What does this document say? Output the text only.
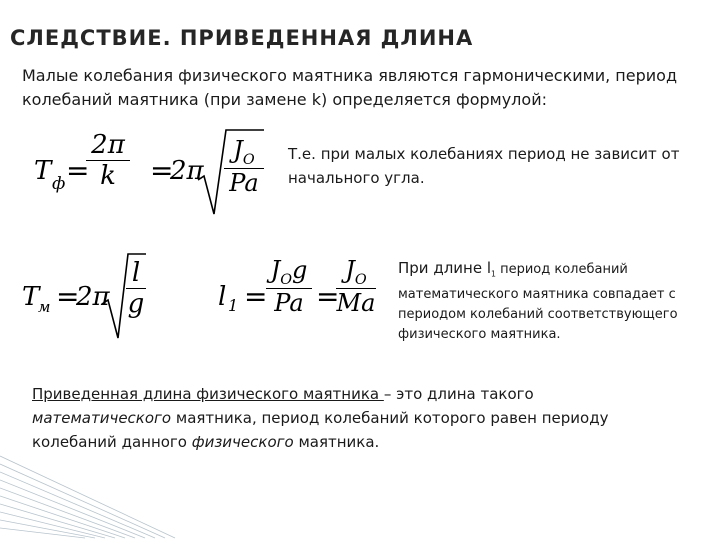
СЛЕДСТВИЕ. ПРИВЕДЕННАЯ ДЛИНА
Малые колебания физического маятника являются гармоническими, период колебаний маятника (при замене k) определяется формулой:
T ф =
2π
k	=
2π
$J_O$
Pa
Т.е. при малых колебаниях период не зависит от начального угла.
T
м =
2π
l
g	l 1 =
$J_Og$
Pa =
$J_O$
Ma
При длине $l_1$ период колебаний математического маятника совпадает с периодом колебаний соответствующего физического маятника.
Приведенная длина физического маятника – это длина такого математического маятника, период колебаний которого равен периоду колебаний данного физического маятника.
